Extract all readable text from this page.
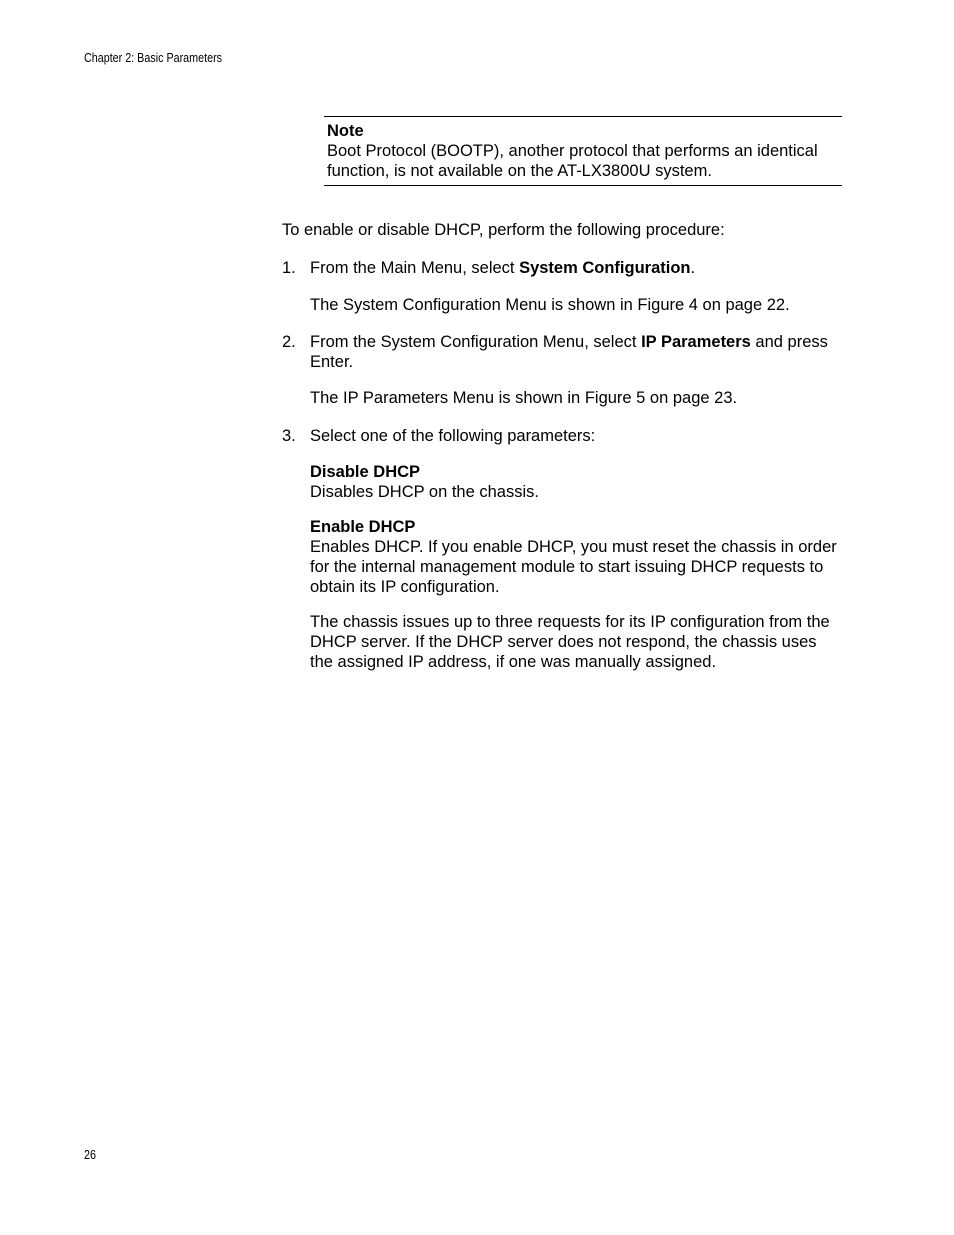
Chapter 2: Basic Parameters
Note
Boot Protocol (BOOTP), another protocol that performs an identical function, is not available on the AT-LX3800U system.

To enable or disable DHCP, perform the following procedure:

1. From the Main Menu, select System Configuration.

The System Configuration Menu is shown in Figure 4 on page 22.

2. From the System Configuration Menu, select IP Parameters and press Enter.

The IP Parameters Menu is shown in Figure 5 on page 23.

3. Select one of the following parameters:
Disable DHCP
Disables DHCP on the chassis.
Enable DHCP
Enables DHCP. If you enable DHCP, you must reset the chassis in order for the internal management module to start issuing DHCP requests to obtain its IP configuration.

The chassis issues up to three requests for its IP configuration from the DHCP server. If the DHCP server does not respond, the chassis uses the assigned IP address, if one was manually assigned.

26
